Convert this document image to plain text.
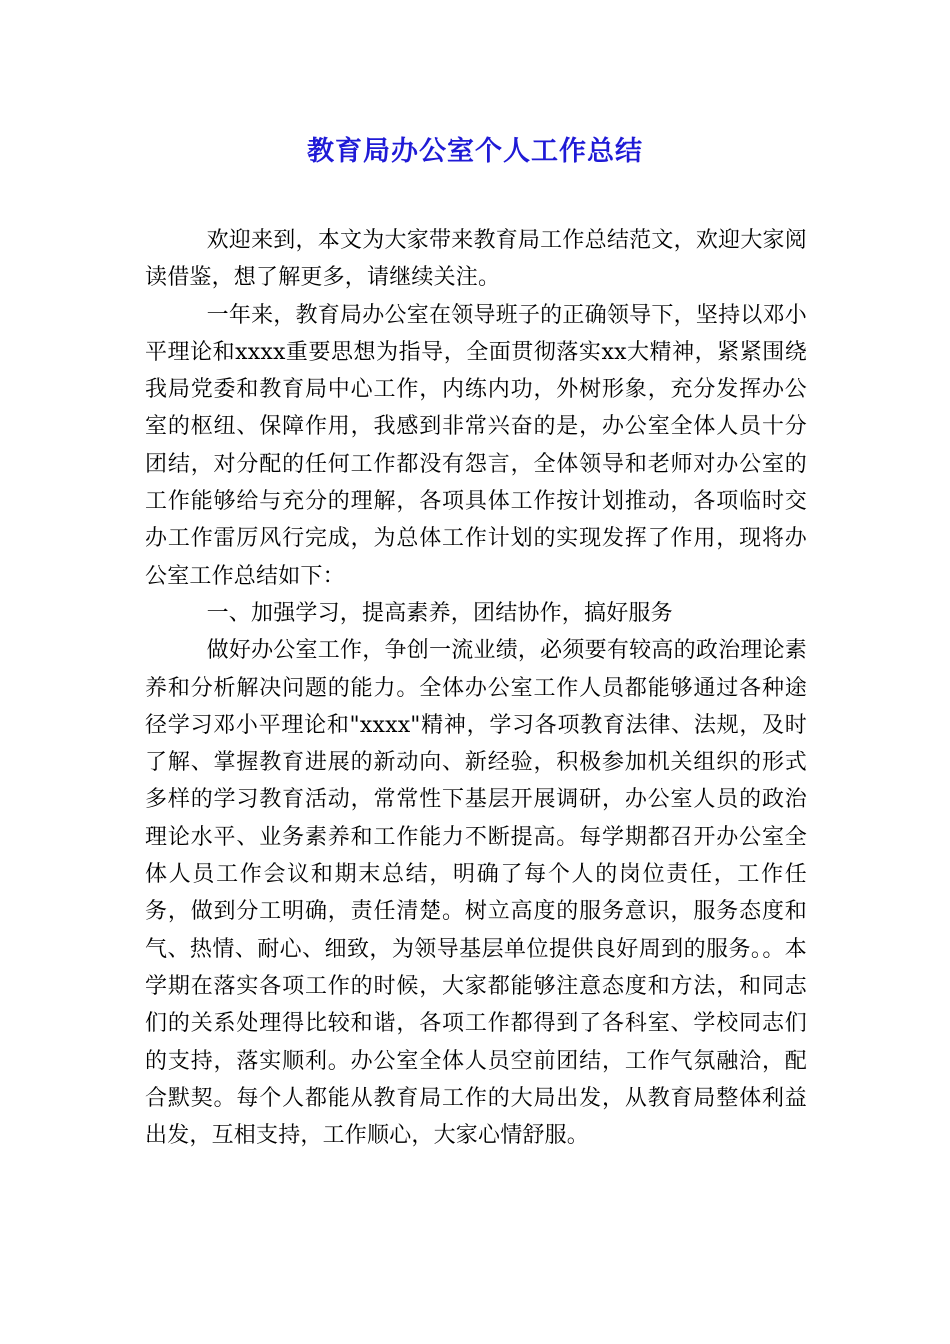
教育局办公室个人工作总结

欢迎来到，本文为大家带来教育局工作总结范文，欢迎大家阅读借鉴，想了解更多，请继续关注。

一年来，教育局办公室在领导班子的正确领导下，坚持以邓小平理论和xxxx重要思想为指导，全面贯彻落实xx大精神，紧紧围绕我局党委和教育局中心工作，内练内功，外树形象，充分发挥办公室的枢纽、保障作用，我感到非常兴奋的是，办公室全体人员十分团结，对分配的任何工作都没有怨言，全体领导和老师对办公室的工作能够给与充分的理解，各项具体工作按计划推动，各项临时交办工作雷厉风行完成，为总体工作计划的实现发挥了作用，现将办公室工作总结如下：

一、加强学习，提高素养，团结协作，搞好服务

做好办公室工作，争创一流业绩，必须要有较高的政治理论素养和分析解决问题的能力。全体办公室工作人员都能够通过各种途径学习邓小平理论和"xxxx"精神，学习各项教育法律、法规，及时了解、掌握教育进展的新动向、新经验，积极参加机关组织的形式多样的学习教育活动，常常性下基层开展调研，办公室人员的政治理论水平、业务素养和工作能力不断提高。每学期都召开办公室全体人员工作会议和期末总结，明确了每个人的岗位责任，工作任务，做到分工明确，责任清楚。树立高度的服务意识，服务态度和气、热情、耐心、细致，为领导基层单位提供良好周到的服务。。本学期在落实各项工作的时候，大家都能够注意态度和方法，和同志们的关系处理得比较和谐，各项工作都得到了各科室、学校同志们的支持，落实顺利。办公室全体人员空前团结，工作气氛融洽，配合默契。每个人都能从教育局工作的大局出发，从教育局整体利益出发，互相支持，工作顺心，大家心情舒服。
